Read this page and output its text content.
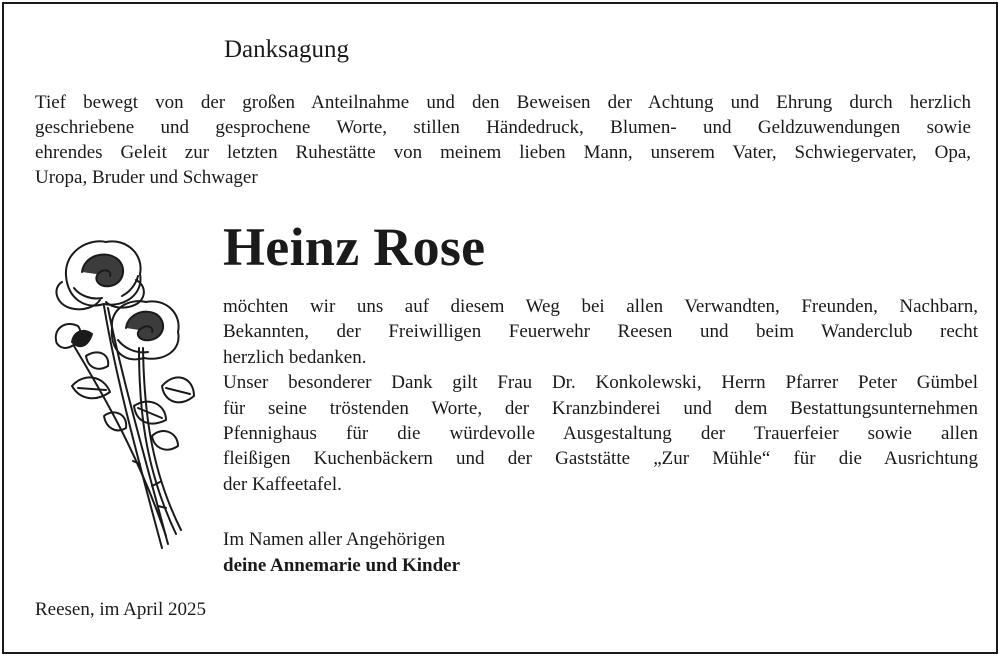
Danksagung

Tief bewegt von der großen Anteilnahme und den Beweisen der Achtung und Ehrung durch herzlich
geschriebene und gesprochene Worte, stillen Händedruck, Blumen- und Geldzuwendungen sowie
ehrendes Geleit zur letzten Ruhestätte von meinem lieben Mann, unserem Vater, Schwiegervater, Opa,
Uropa, Bruder und Schwager

Heinz Rose

möchten wir uns auf diesem Weg bei allen Verwandten, Freunden, Nachbarn,
Bekannten, der Freiwilligen Feuerwehr Reesen und beim Wanderclub recht
herzlich bedanken.
Unser besonderer Dank gilt Frau Dr. Konkolewski, Herrn Pfarrer Peter Gümbel
für seine tröstenden Worte, der Kranzbinderei und dem Bestattungsunternehmen
Pfennighaus für die würdevolle Ausgestaltung der Trauerfeier sowie allen
fleißigen Kuchenbäckern und der Gaststätte „Zur Mühle“ für die Ausrichtung
der Kaffeetafel.

Im Namen aller Angehörigen
deine Annemarie und Kinder

Reesen, im April 2025
